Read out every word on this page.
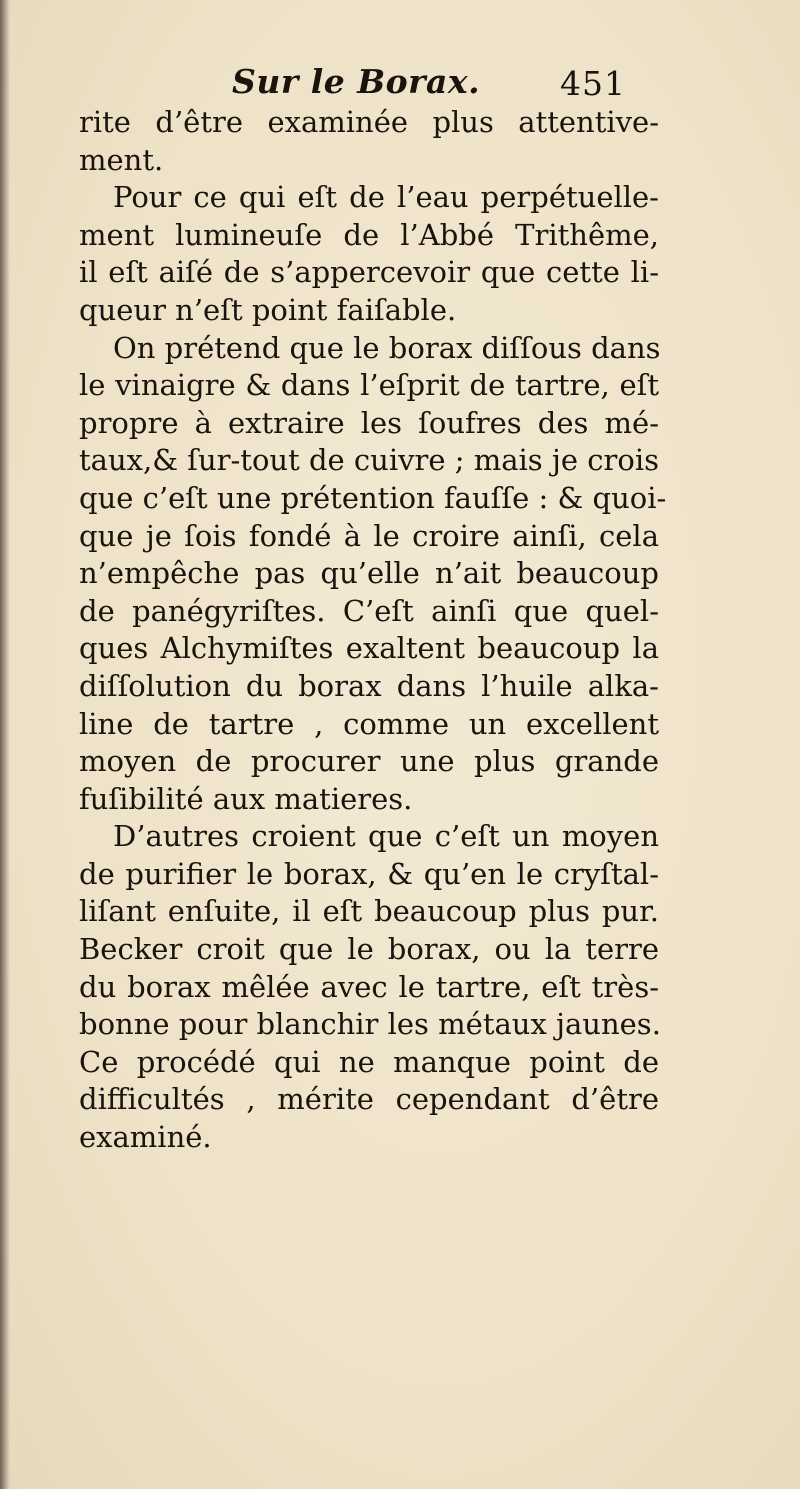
Sur le Borax. 451
rite d’être examinée plus attentive-
ment.
Pour ce qui eſt de l’eau perpétuelle-
ment lumineuſe de l’Abbé Trithême,
il eſt aiſé de s’appercevoir que cette li-
queur n’eſt point faiſable.
On prétend que le borax diſſous dans
le vinaigre & dans l’eſprit de tartre, eſt
propre à extraire les ſoufres des mé-
taux,& ſur-tout de cuivre ; mais je crois
que c’eſt une prétention fauſſe : & quoi-
que je ſois fondé à le croire ainſi, cela
n’empêche pas qu’elle n’ait beaucoup
de panégyriſtes. C’eſt ainſi que quel-
ques Alchymiſtes exaltent beaucoup la
diſſolution du borax dans l’huile alka-
line de tartre , comme un excellent
moyen de procurer une plus grande
fuſibilité aux matieres.
D’autres croient que c’eſt un moyen
de purifier le borax, & qu’en le cryſtal-
liſant enſuite, il eſt beaucoup plus pur.
Becker croit que le borax, ou la terre
du borax mêlée avec le tartre, eſt très-
bonne pour blanchir les métaux jaunes.
Ce procédé qui ne manque point de
difficultés , mérite cependant d’être
examiné.
